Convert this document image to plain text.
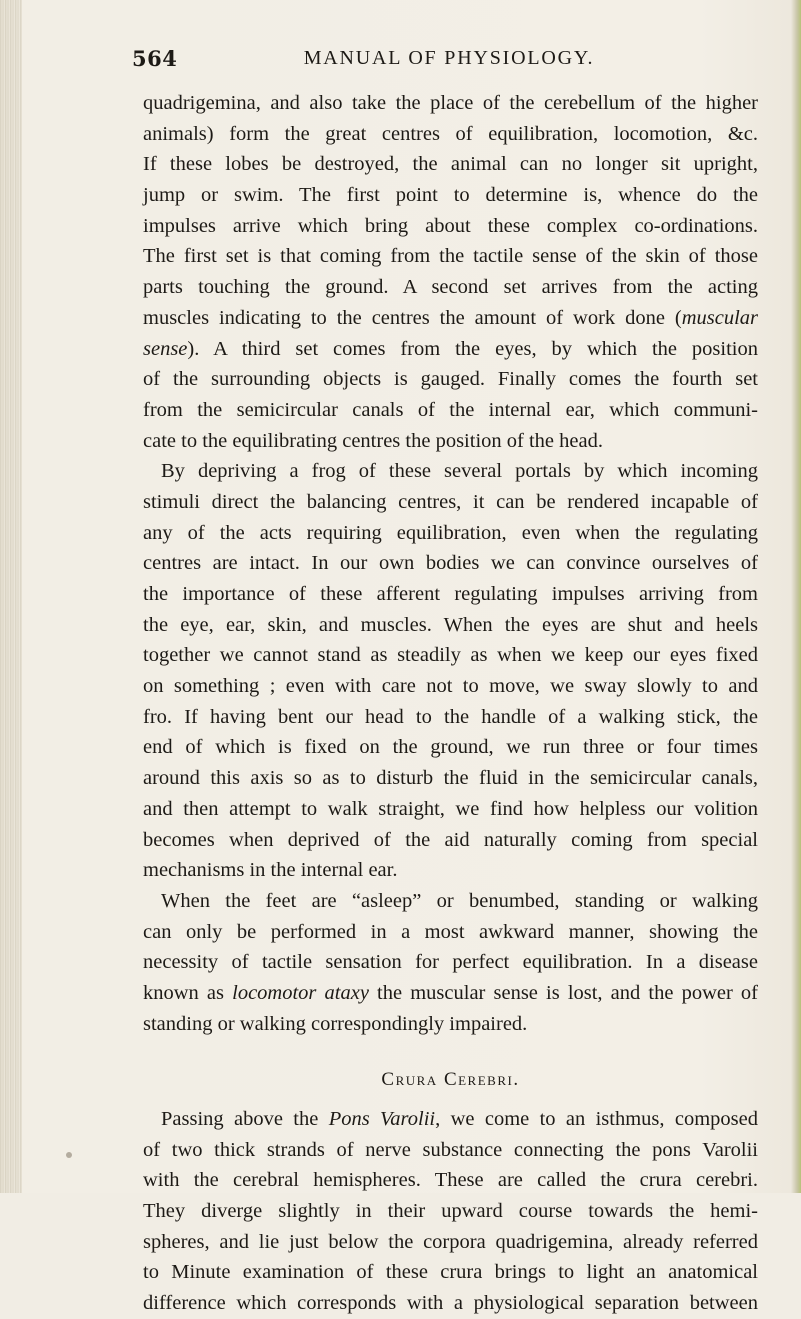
564	MANUAL OF PHYSIOLOGY.
quadrigemina, and also take the place of the cerebellum of the higher
animals) form the great centres of equilibration, locomotion, &c.
If these lobes be destroyed, the animal can no longer sit upright,
jump or swim. The first point to determine is, whence do the
impulses arrive which bring about these complex co-ordinations.
The first set is that coming from the tactile sense of the skin of those
parts touching the ground. A second set arrives from the acting
muscles indicating to the centres the amount of work done (muscular
sense). A third set comes from the eyes, by which the position
of the surrounding objects is gauged. Finally comes the fourth set
from the semicircular canals of the internal ear, which communi-
cate to the equilibrating centres the position of the head.
By depriving a frog of these several portals by which incoming
stimuli direct the balancing centres, it can be rendered incapable of
any of the acts requiring equilibration, even when the regulating
centres are intact. In our own bodies we can convince ourselves of
the importance of these afferent regulating impulses arriving from
the eye, ear, skin, and muscles. When the eyes are shut and heels
together we cannot stand as steadily as when we keep our eyes fixed
on something ; even with care not to move, we sway slowly to and
fro. If having bent our head to the handle of a walking stick, the
end of which is fixed on the ground, we run three or four times
around this axis so as to disturb the fluid in the semicircular canals,
and then attempt to walk straight, we find how helpless our volition
becomes when deprived of the aid naturally coming from special
mechanisms in the internal ear.
When the feet are “asleep” or benumbed, standing or walking
can only be performed in a most awkward manner, showing the
necessity of tactile sensation for perfect equilibration. In a disease
known as locomotor ataxy the muscular sense is lost, and the power of
standing or walking correspondingly impaired.
Crura Cerebri.
Passing above the Pons Varolii, we come to an isthmus, composed
of two thick strands of nerve substance connecting the pons Varolii
with the cerebral hemispheres. These are called the crura cerebri.
They diverge slightly in their upward course towards the hemi-
spheres, and lie just below the corpora quadrigemina, already referred
to Minute examination of these crura brings to light an anatomical
difference which corresponds with a physiological separation between
